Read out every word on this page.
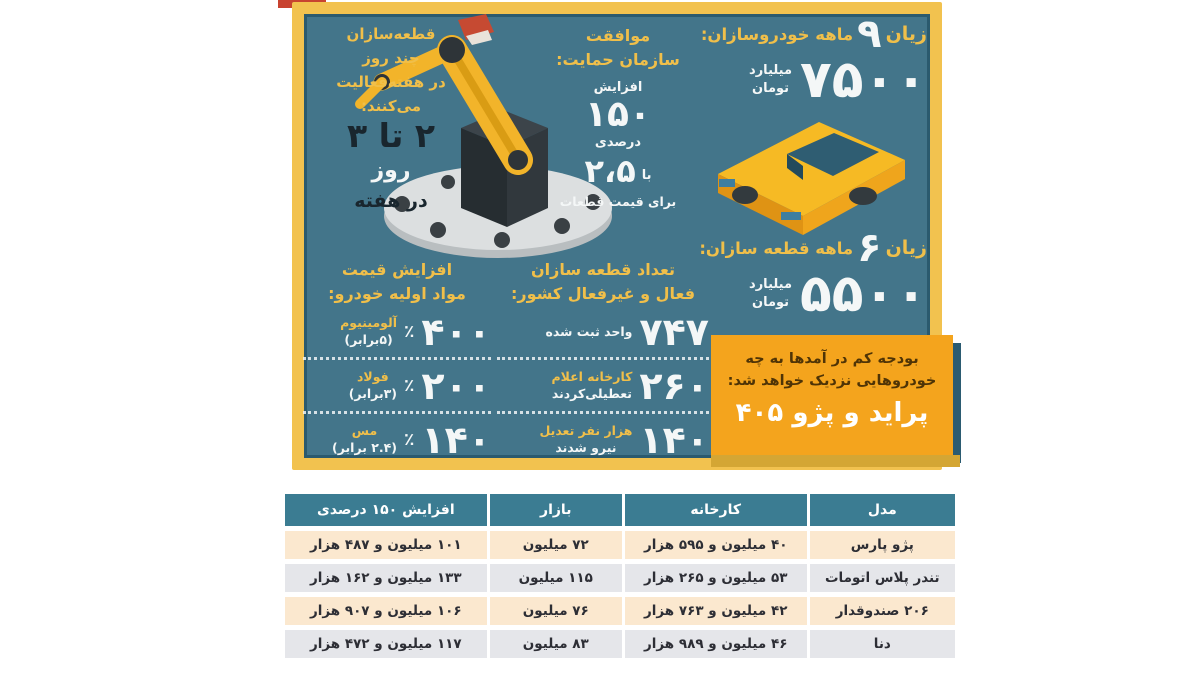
قطعه‌سازان
چند روز
در هفته‌فعالیت
می‌کنند:
۲ تا ۳
روز
در هفته
موافقت
سازمان حمایت:
افزایش
۱۵۰
درصدی
با
۲،۵
برای قیمت قطعات
زیان
۹
ماهه خودروسازان:
۷۵۰۰
میلیارد
تومان
زیان
۶
ماهه قطعه سازان:
۵۵۰۰
میلیارد
تومان
افزایش قیمت
مواد اولیه خودرو:
۴۰۰
٪
آلومینیوم
(۵برابر)
۲۰۰
٪
فولاد
(۳برابر)
۱۴۰
٪
مس
(۲.۴ برابر)
تعداد قطعه سازان
فعال و غیرفعال کشور:
۷۴۷
واحد ثبت شده
۲۶۰
کارخانه اعلام
تعطیلی‌کردند
۱۴۰
هزار نفر تعدیل
نیرو شدند
بودجه کم در آمدها به چه
خودروهایی نزدیک خواهد شد:
پراید و پژو ۴۰۵
مدل	کارخانه	بازار	افزایش ۱۵۰ درصدی
پژو پارس	۴۰ میلیون و ۵۹۵ هزار	۷۲ میلیون	۱۰۱ میلیون و ۴۸۷ هزار
تندر پلاس اتومات	۵۳ میلیون و ۲۶۵ هزار	۱۱۵ میلیون	۱۳۳ میلیون و ۱۶۲ هزار
۲۰۶ صندوقدار	۴۲ میلیون و ۷۶۳ هزار	۷۶ میلیون	۱۰۶ میلیون و ۹۰۷ هزار
دنا	۴۶ میلیون و ۹۸۹ هزار	۸۳ میلیون	۱۱۷ میلیون و ۴۷۲ هزار
